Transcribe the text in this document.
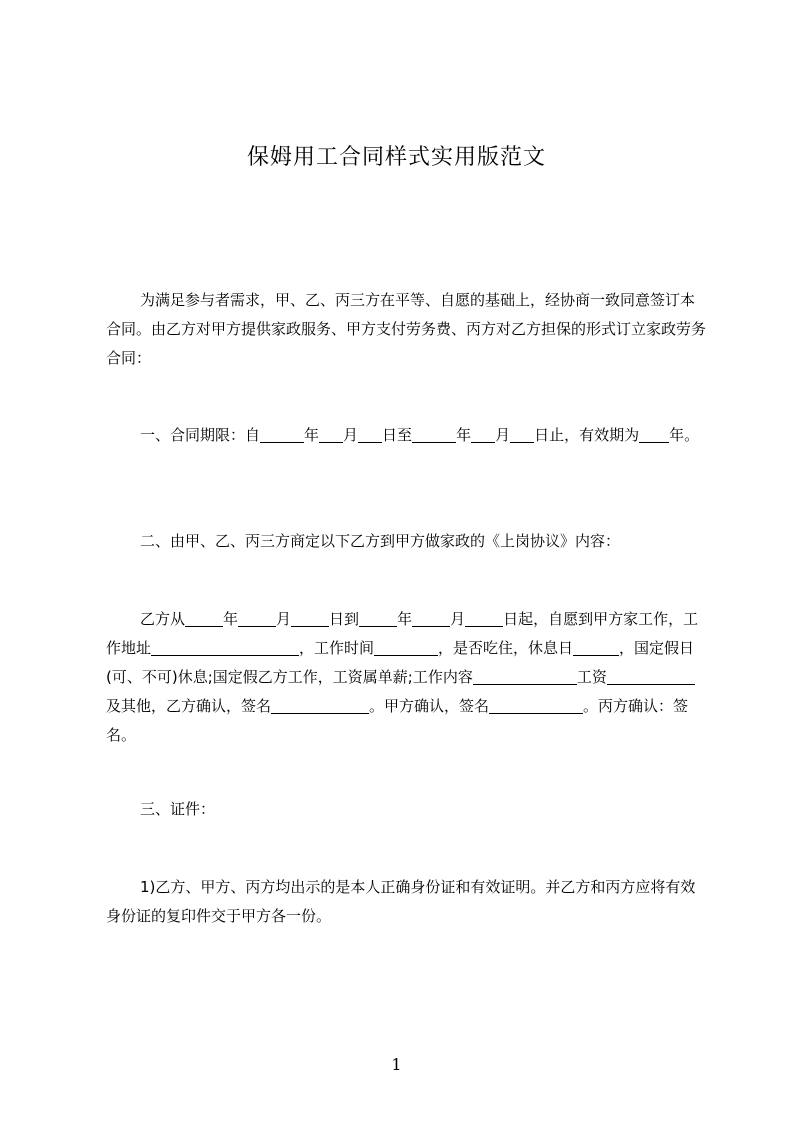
保姆用工合同样式实用版范文

为满足参与者需求，甲、乙、丙三方在平等、自愿的基础上，经协商一致同意签订本合同。由乙方对甲方提供家政服务、甲方支付劳务费、丙方对乙方担保的形式订立家政劳务合同：

一、合同期限：自	年 月 日至	年 月 日止，有效期为 年。

二、由甲、乙、丙三方商定以下乙方到甲方做家政的《上岗协议》内容：

乙方从	年	月	日到	年	月	日起，自愿到甲方家工作，工作地址	，工作时间	，是否吃住，休息日	，国定假日(可、不可)休息;国定假乙方工作，工资属单薪;工作内容	工资及其他，乙方确认，签名	。甲方确认，签名	。丙方确认：签名。

三、证件：

1)乙方、甲方、丙方均出示的是本人正确身份证和有效证明。并乙方和丙方应将有效身份证的复印件交于甲方各一份。

1
